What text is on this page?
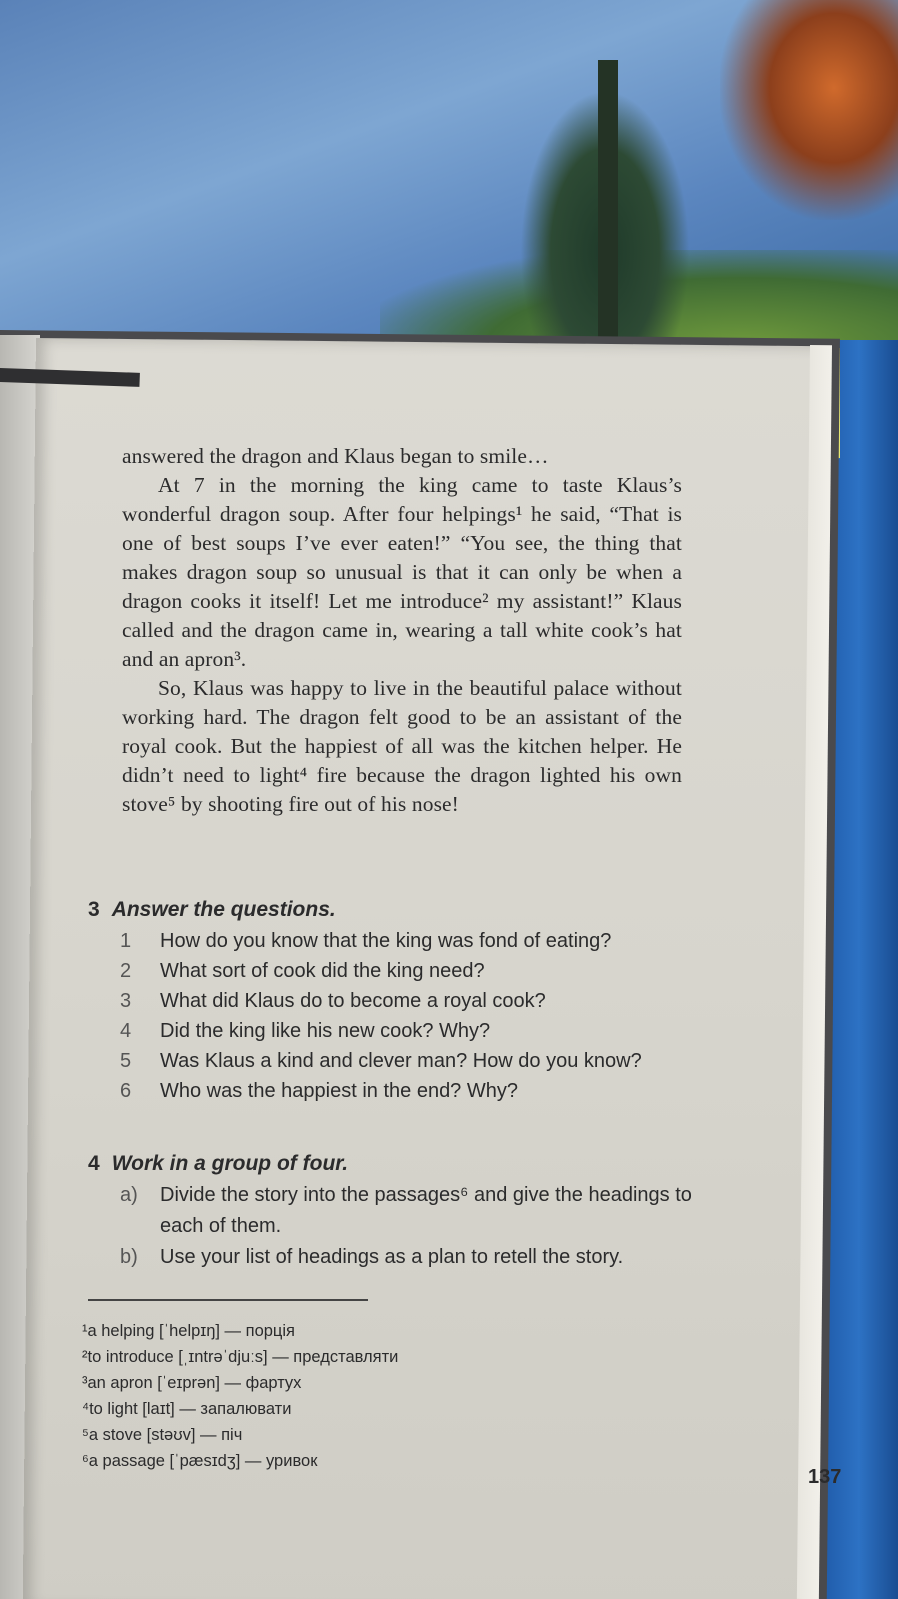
answered the dragon and Klaus began to smile…

At 7 in the morning the king came to taste Klaus’s wonderful dragon soup. After four helpings¹ he said, “That is one of best soups I’ve ever eaten!” “You see, the thing that makes dragon soup so unusual is that it can only be when a dragon cooks it itself! Let me introduce² my assistant!” Klaus called and the dragon came in, wearing a tall white cook’s hat and an apron³.

So, Klaus was happy to live in the beautiful palace without working hard. The dragon felt good to be an assistant of the royal cook. But the happiest of all was the kitchen helper. He didn’t need to light⁴ fire because the dragon lighted his own stove⁵ by shooting fire out of his nose!

3 Answer the questions.
1	How do you know that the king was fond of eating?
2	What sort of cook did the king need?
3	What did Klaus do to become a royal cook?
4	Did the king like his new cook? Why?
5	Was Klaus a kind and clever man? How do you know?
6	Who was the happiest in the end? Why?
4 Work in a group of four.
a)	Divide the story into the passages⁶ and give the headings to each of them.
b)	Use your list of headings as a plan to retell the story.
¹a helping [ˈhelpɪŋ] — порція
²to introduce [ˌɪntrəˈdjuːs] — представляти
³an apron [ˈeɪprən] — фартух
⁴to light [laɪt] — запалювати
⁵a stove [stəʊv] — піч
⁶a passage [ˈpæsɪdʒ] — уривок
137
